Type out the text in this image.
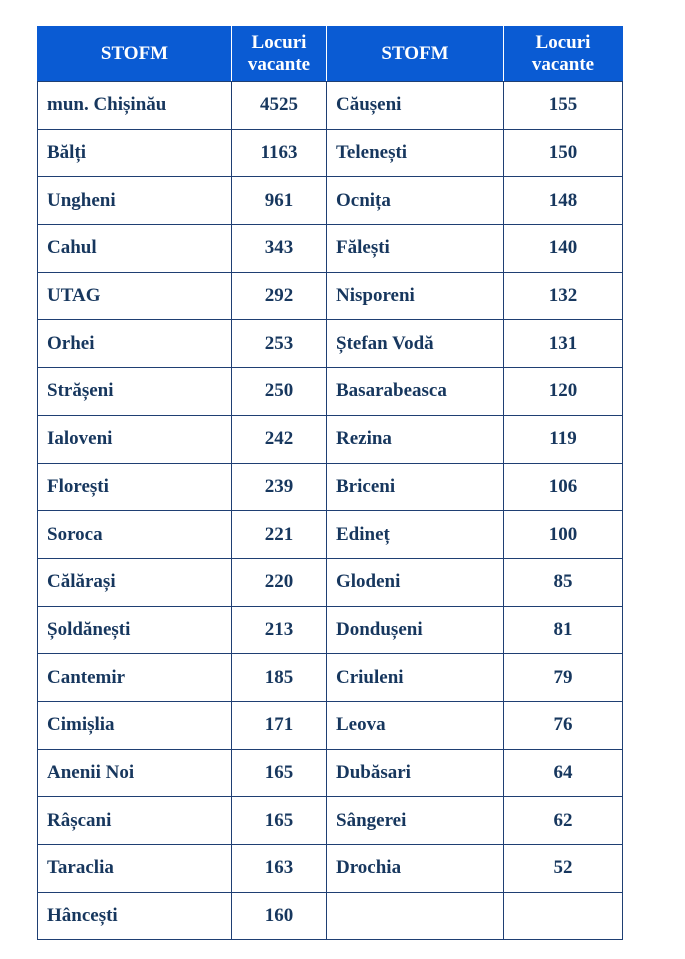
STOFM	Locuri vacante	STOFM	Locuri vacante
mun. Chișinău	4525	Căușeni	155
Bălți	1163	Telenești	150
Ungheni	961	Ocnița	148
Cahul	343	Fălești	140
UTAG	292	Nisporeni	132
Orhei	253	Ștefan Vodă	131
Strășeni	250	Basarabeasca	120
Ialoveni	242	Rezina	119
Florești	239	Briceni	106
Soroca	221	Edineț	100
Călărași	220	Glodeni	85
Șoldănești	213	Dondușeni	81
Cantemir	185	Criuleni	79
Cimișlia	171	Leova	76
Anenii Noi	165	Dubăsari	64
Râșcani	165	Sângerei	62
Taraclia	163	Drochia	52
Hâncești	160		
